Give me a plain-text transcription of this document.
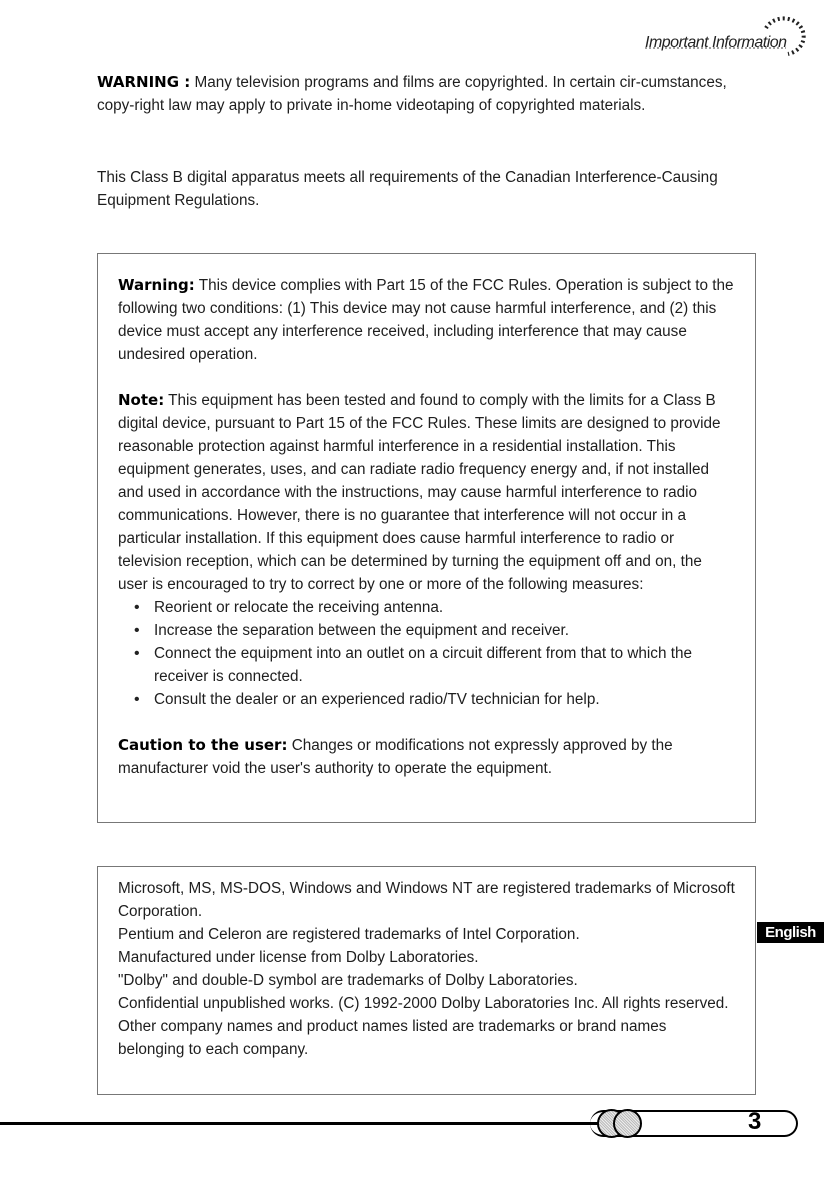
Important Information

WARNING : Many television programs and films are copyrighted. In certain cir-cumstances, copy-right law may apply to private in-home videotaping of copyrighted materials.

This Class B digital apparatus meets all requirements of the Canadian Interference-Causing Equipment Regulations.

Warning: This device complies with Part 15 of the FCC Rules. Operation is subject to the following two conditions: (1) This device may not cause harmful interference, and (2) this device must accept any interference received, including interference that may cause undesired operation.

Note: This equipment has been tested and found to comply with the limits for a Class B digital device, pursuant to Part 15 of the FCC Rules. These limits are designed to provide reasonable protection against harmful interference in a residential installation. This equipment generates, uses, and can radiate radio frequency energy and, if not installed and used in accordance with the instructions, may cause harmful interference to radio communications. However, there is no guarantee that interference will not occur in a particular installation. If this equipment does cause harmful interference to radio or television reception, which can be determined by turning the equipment off and on, the user is encouraged to try to correct by one or more of the following measures:

• Reorient or relocate the receiving antenna.
• Increase the separation between the equipment and receiver.
• Connect the equipment into an outlet on a circuit different from that to which the receiver is connected.
• Consult the dealer or an experienced radio/TV technician for help.

Caution to the user: Changes or modifications not expressly approved by the manufacturer void the user's authority to operate the equipment.

Microsoft, MS, MS-DOS, Windows and Windows NT are registered trademarks of Microsoft Corporation.

Pentium and Celeron are registered trademarks of Intel Corporation.

Manufactured under license from Dolby Laboratories.

"Dolby" and double-D symbol are trademarks of Dolby Laboratories.

Confidential unpublished works. (C) 1992-2000 Dolby Laboratories Inc. All rights reserved.

Other company names and product names listed are trademarks or brand names belonging to each company.

English
3
